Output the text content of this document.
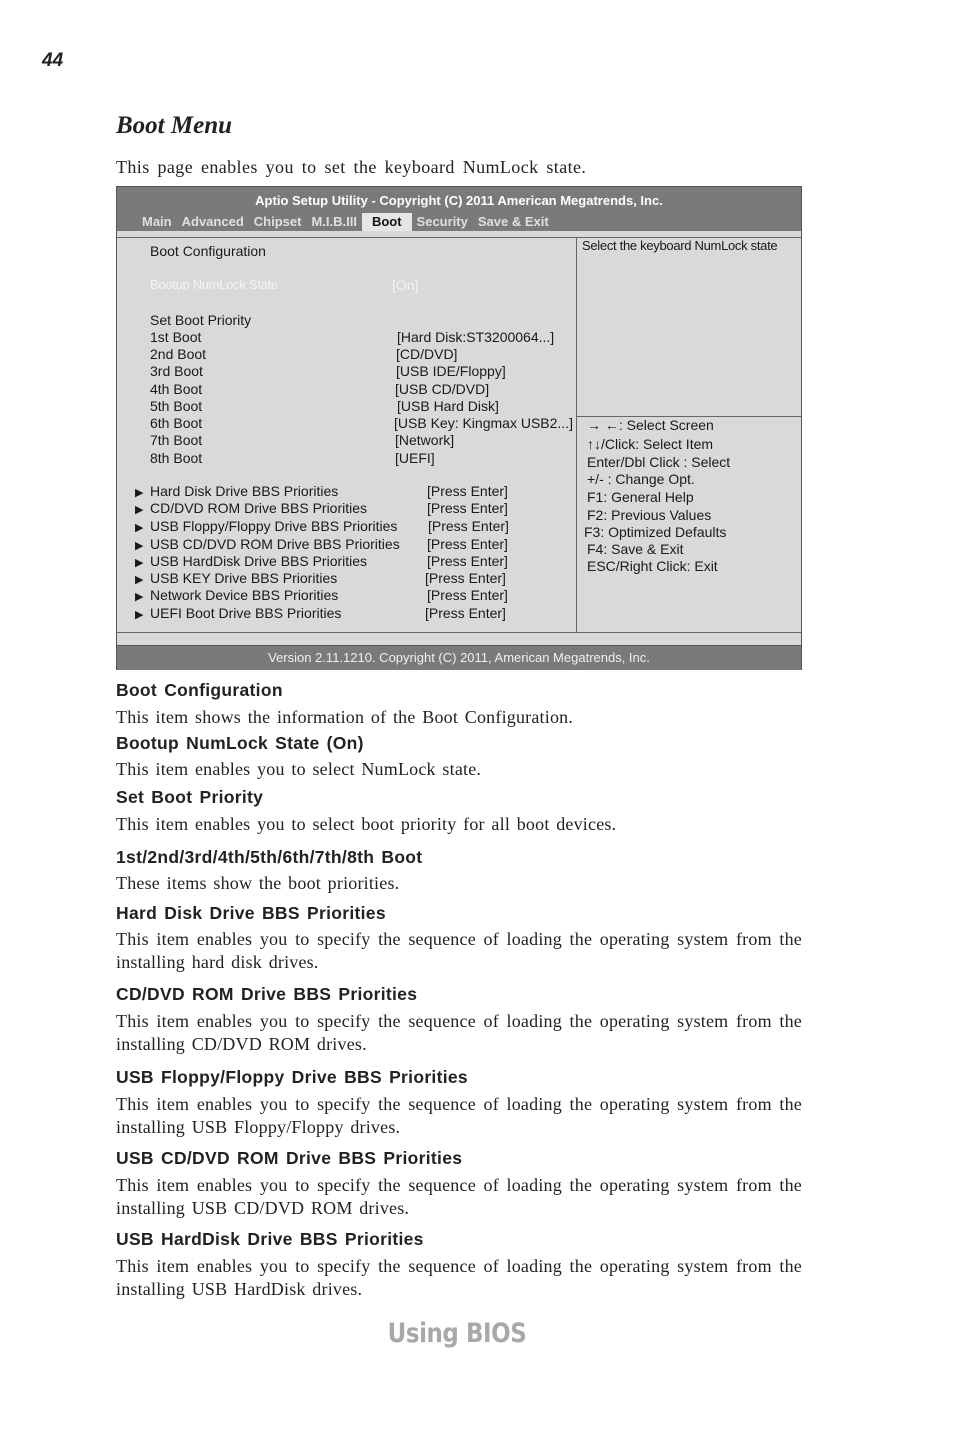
44
Boot Menu
This page enables you to set the keyboard NumLock state.
Aptio Setup Utility - Copyright (C) 2011 American Megatrends, Inc.
Main Advanced Chipset M.I.B.III	Boot	Security Save & Exit
Boot Configuration
Bootup NumLock State	[On]
Set Boot Priority
1st Boot	[Hard Disk:ST3200064...]
2nd Boot	[CD/DVD]
3rd Boot	[USB IDE/Floppy]
4th Boot	[USB CD/DVD]
5th Boot	[USB Hard Disk]
6th Boot	[USB Key: Kingmax USB2...]
7th Boot	[Network]
8th Boot	[UEFI]
▶ Hard Disk Drive BBS Priorities	[Press Enter]
▶ CD/DVD ROM Drive BBS Priorities	[Press Enter]
▶ USB Floppy/Floppy Drive BBS Priorities [Press Enter]
▶ USB CD/DVD ROM Drive BBS Priorities [Press Enter]
▶ USB HardDisk Drive BBS Priorities	[Press Enter]
▶ USB KEY Drive BBS Priorities	[Press Enter]
▶ Network Device BBS Priorities	[Press Enter]
▶ UEFI Boot Drive BBS Priorities	[Press Enter]
Select the keyboard NumLock state
→ ←: Select Screen
↑↓/Click: Select Item
Enter/Dbl Click : Select
+/- : Change Opt.
F1: General Help
F2: Previous Values
F3: Optimized Defaults
F4: Save & Exit
ESC/Right Click: Exit
Version 2.11.1210. Copyright (C) 2011, American Megatrends, Inc.
Boot Configuration
This item shows the information of the Boot Configuration.
Bootup NumLock State (On)
This item enables you to select NumLock state.
Set Boot Priority
This item enables you to select boot priority for all boot devices.
1st/2nd/3rd/4th/5th/6th/7th/8th Boot
These items show the boot priorities.
Hard Disk Drive BBS Priorities
This item enables you to specify the sequence of loading the operating system from the installing hard disk drives.
CD/DVD ROM Drive BBS Priorities
This item enables you to specify the sequence of loading the operating system from the installing CD/DVD ROM drives.
USB Floppy/Floppy Drive BBS Priorities
This item enables you to specify the sequence of loading the operating system from the installing USB Floppy/Floppy drives.
USB CD/DVD ROM Drive BBS Priorities
This item enables you to specify the sequence of loading the operating system from the installing USB CD/DVD ROM drives.
USB HardDisk Drive BBS Priorities
This item enables you to specify the sequence of loading the operating system from the installing USB HardDisk drives.
Using BIOS
